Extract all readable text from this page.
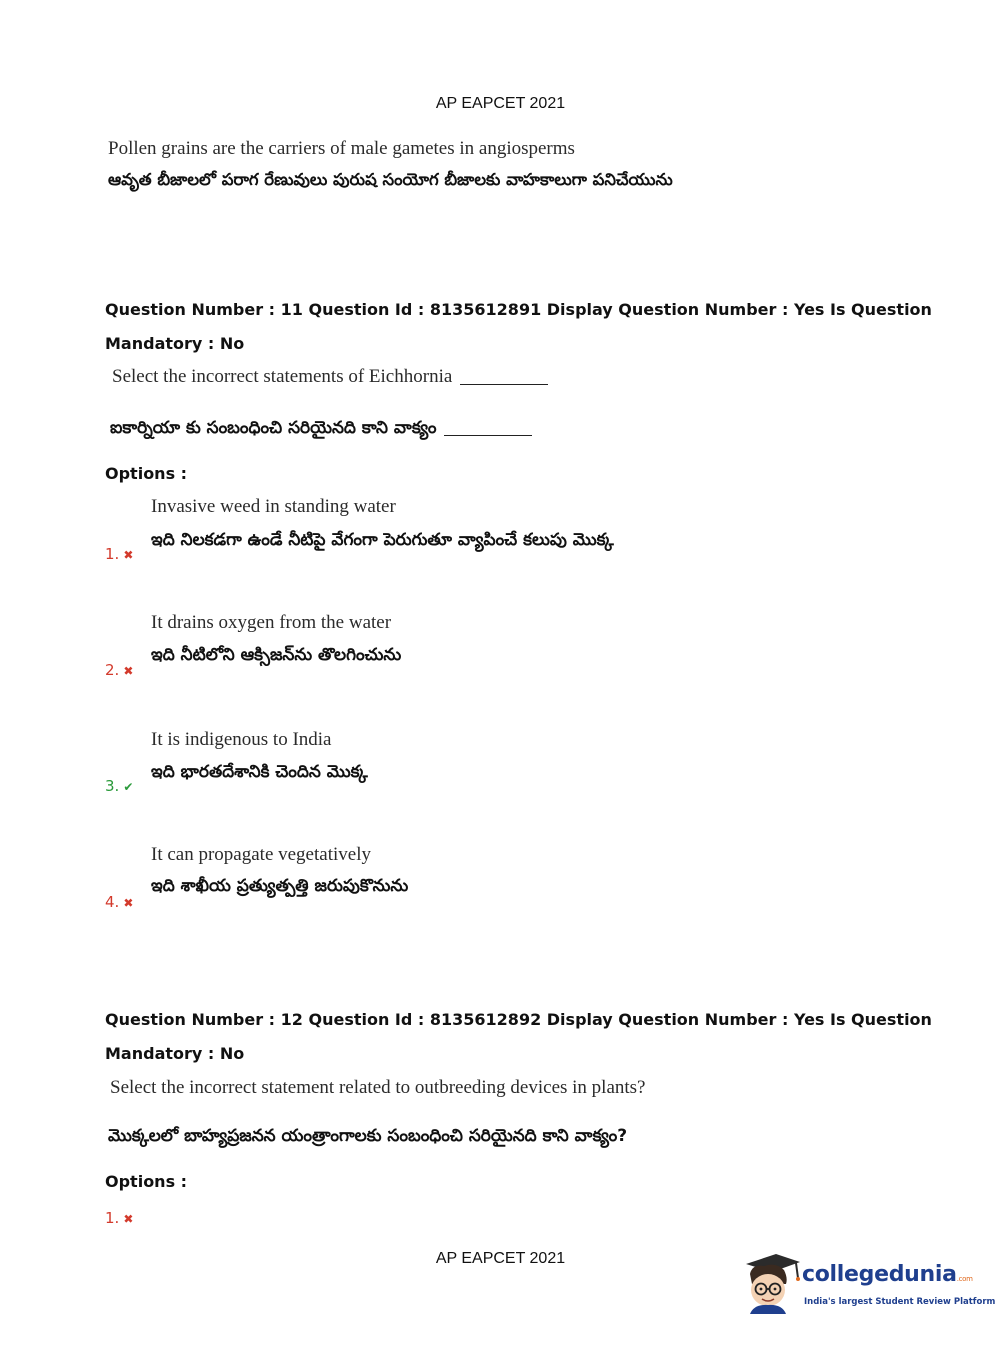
AP EAPCET 2021
Pollen grains are the carriers of male gametes in angiosperms
ఆవృత బీజాలలో పరాగ రేణువులు పురుష సంయోగ బీజాలకు వాహకాలుగా పనిచేయును
Question Number : 11 Question Id : 8135612891 Display Question Number : Yes Is Question
Mandatory : No
Select the incorrect statements of Eichhornia
ఐకార్నియా కు సంబంధించి సరియైనది కాని వాక్యం
Options :
Invasive weed in standing water
ఇది నిలకడగా ఉండే నీటిపై వేగంగా పెరుగుతూ వ్యాపించే కలుపు మొక్క
1. ✖
It drains oxygen from the water
ఇది నీటిలోని ఆక్సిజన్‌ను తొలగించును
2. ✖
It is indigenous to India
ఇది భారతదేశానికి చెందిన మొక్క
3. ✔
It can propagate vegetatively
ఇది శాఖీయ ప్రత్యుత్పత్తి జరుపుకొనును
4. ✖
Question Number : 12 Question Id : 8135612892 Display Question Number : Yes Is Question
Mandatory : No
Select the incorrect statement related to outbreeding devices in plants?
మొక్కలలో బాహ్యప్రజనన యంత్రాంగాలకు సంబంధించి సరియైనది కాని వాక్యం?
Options :
1. ✖
AP EAPCET 2021
collegedunia.com
India's largest Student Review Platform
